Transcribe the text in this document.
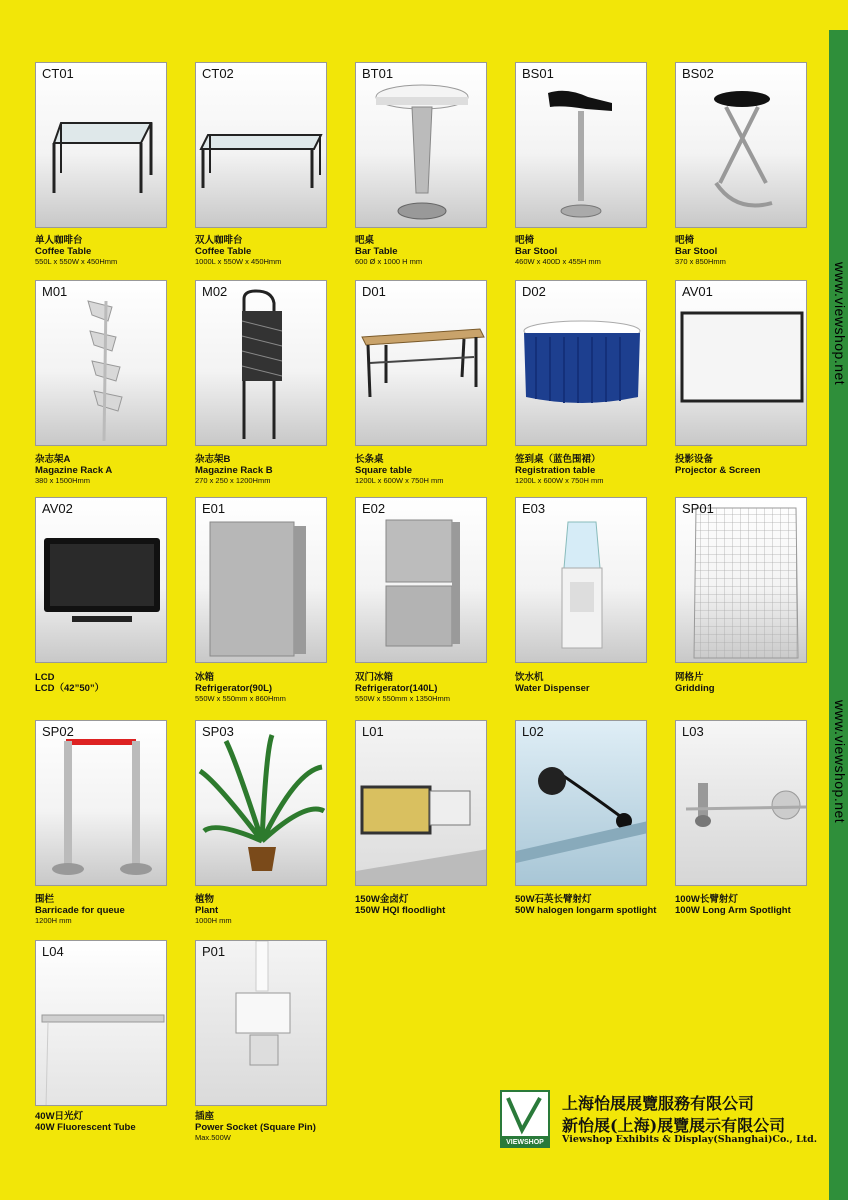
www.viewshop.net
www.viewshop.net
CT01
单人咖啡台
Coffee Table
550L x 550W x 450Hmm
CT02
双人咖啡台
Coffee Table
1000L x 550W x 450Hmm
BT01
吧桌
Bar Table
600 Ø x 1000 H mm
BS01
吧椅
Bar Stool
460W x 400D x 455H mm
BS02
吧椅
Bar Stool
370 x 850Hmm
M01
杂志架A
Magazine Rack A
380 x 1500Hmm
M02
杂志架B
Magazine Rack B
270 x 250 x 1200Hmm
D01
长条桌
Square table
1200L x 600W x 750H mm
D02
签到桌（蓝色围裙）
Registration table
1200L x 600W x 750H mm
AV01
投影设备
Projector & Screen
AV02
LCD
LCD（42”50”）
E01
冰箱
Refrigerator(90L)
550W x 550mm x 860Hmm
E02
双门冰箱
Refrigerator(140L)
550W x 550mm x 1350Hmm
E03
饮水机
Water Dispenser
SP01
网格片
Gridding
SP02
围栏
Barricade for queue
1200H mm
SP03
植物
Plant
1000H mm
L01
150W金卤灯
150W HQI floodlight
L02
50W石英长臂射灯
50W halogen longarm spotlight
L03
100W长臂射灯
100W Long Arm Spotlight
L04
40W日光灯
40W Fluorescent Tube
P01
插座
Power Socket (Square Pin)
Max.500W
VIEWSHOP
上海怡展展覽服務有限公司
新怡展(上海)展覽展示有限公司
Viewshop Exhibits & Display(Shanghai)Co., Ltd.
